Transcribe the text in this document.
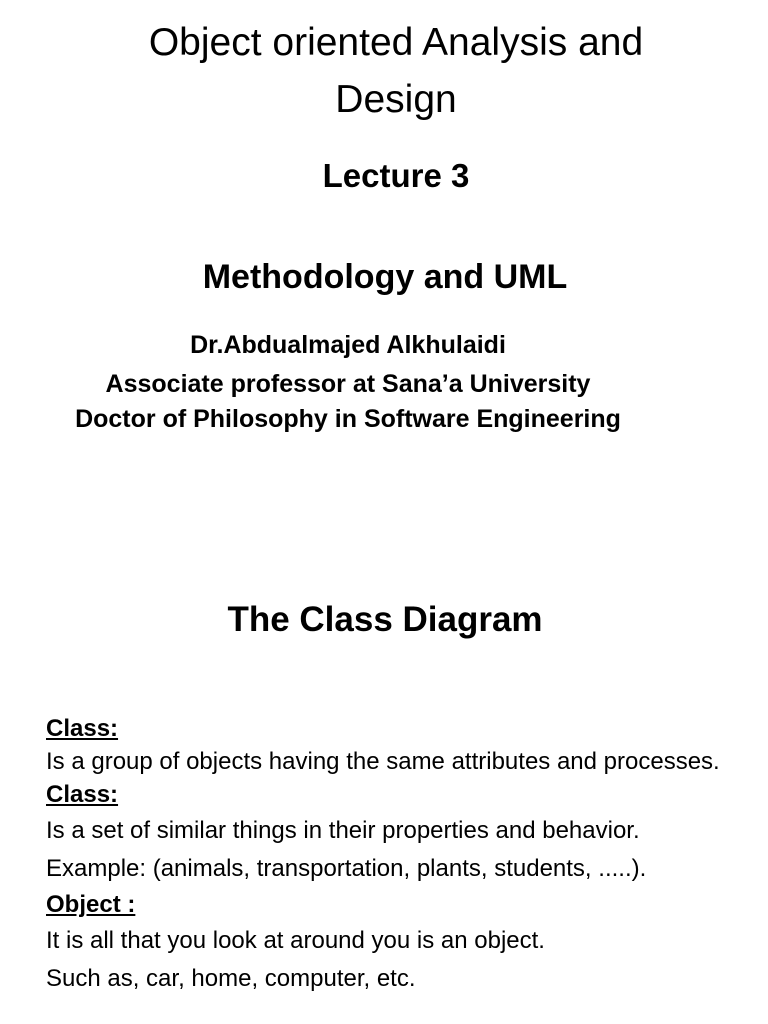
Object oriented Analysis and Design
Lecture 3
Methodology and UML
Dr.Abdualmajed Alkhulaidi
Associate professor at Sana’a University
Doctor of Philosophy in Software Engineering
The Class Diagram
Class:
Is a group of objects having the same attributes and processes.
Class:
Is a set of similar things in their properties and behavior.
Example: (animals, transportation, plants, students, .....).
Object :
It is all that you look at around you is an object.
Such as, car, home, computer, etc.
